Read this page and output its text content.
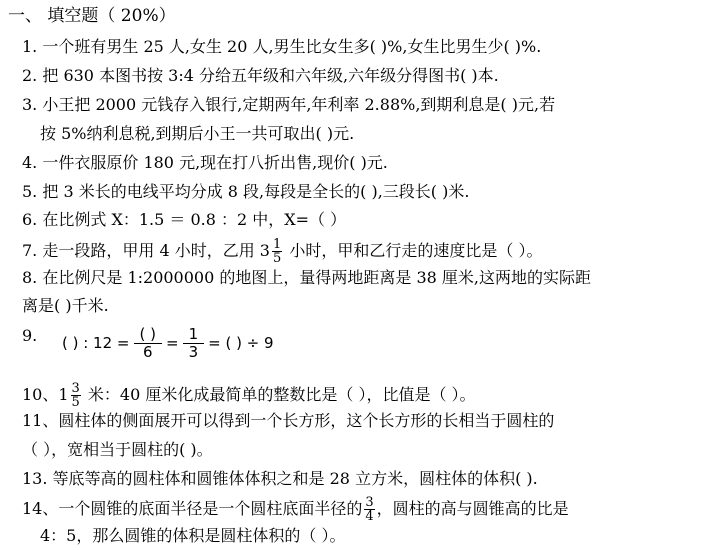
一、 填空题（ 20%）
1. 一个班有男生 25 人,女生 20 人,男生比女生多( )%,女生比男生少( )%.
2. 把 630 本图书按 3:4 分给五年级和六年级,六年级分得图书( )本.
3. 小王把 2000 元钱存入银行,定期两年,年利率 2.88%,到期利息是( )元,若
按 5%纳利息税,到期后小王一共可取出( )元.
4. 一件衣服原价 180 元,现在打八折出售,现价( )元.
5. 把 3 米长的电线平均分成 8 段,每段是全长的( ),三段长( )米.
6. 在比例式 X：1.5 ＝ 0.8 ：2 中，X=（ ）
7. 走一段路，甲用 4 小时，乙用 $3 \frac{1}{5}$ 小时，甲和乙行走的速度比是（ ）。
8. 在比例尺是 1:2000000 的地图上，量得两地距离是 38 厘米,这两地的实际距
离是( )千米.
9. ( ) : $12 = \frac{( )}{6} = \frac{1}{3}$ = ( ) ÷ 9
10、$1 \frac{3}{5}$ 米：40 厘米化成最简单的整数比是（ ），比值是（ ）。
11、圆柱体的侧面展开可以得到一个长方形，这个长方形的长相当于圆柱的
（ ），宽相当于圆柱的( )。
13. 等底等高的圆柱体和圆锥体体积之和是 28 立方米，圆柱体的体积( ).
14、一个圆锥的底面半径是一个圆柱底面半径的 $\frac{3}{4}$ ，圆柱的高与圆锥高的比是
4：5，那么圆锥的体积是圆柱体积的（ ）。
